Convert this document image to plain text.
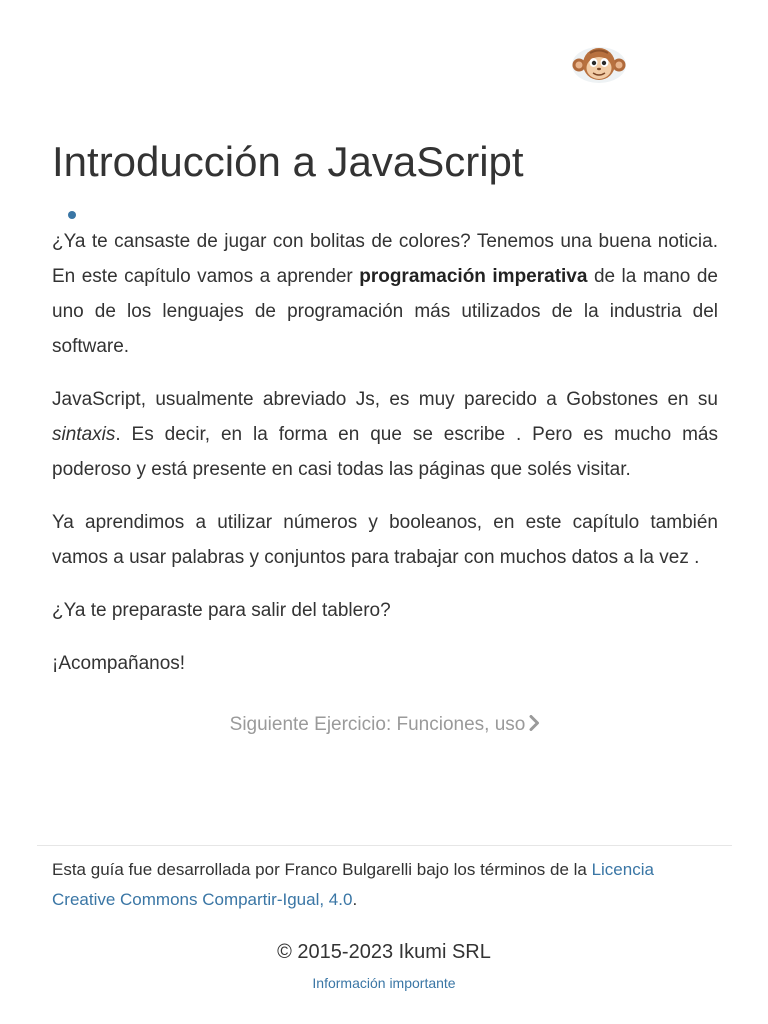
Introducción a JavaScript

¿Ya te cansaste de jugar con bolitas de colores? Tenemos una buena noticia. En este capítulo vamos a aprender programación imperativa de la mano de uno de los lenguajes de programación más utilizados de la industria del software.

JavaScript, usualmente abreviado Js, es muy parecido a Gobstones en su sintaxis. Es decir, en la forma en que se escribe . Pero es mucho más poderoso y está presente en casi todas las páginas que solés visitar.

Ya aprendimos a utilizar números y booleanos, en este capítulo también vamos a usar palabras y conjuntos para trabajar con muchos datos a la vez .

¿Ya te preparaste para salir del tablero?

¡Acompañanos!

Siguiente Ejercicio: Funciones, uso
Esta guía fue desarrollada por Franco Bulgarelli bajo los términos de la Licencia Creative Commons Compartir-Igual, 4.0.
© 2015-2023 Ikumi SRL
Información importante
